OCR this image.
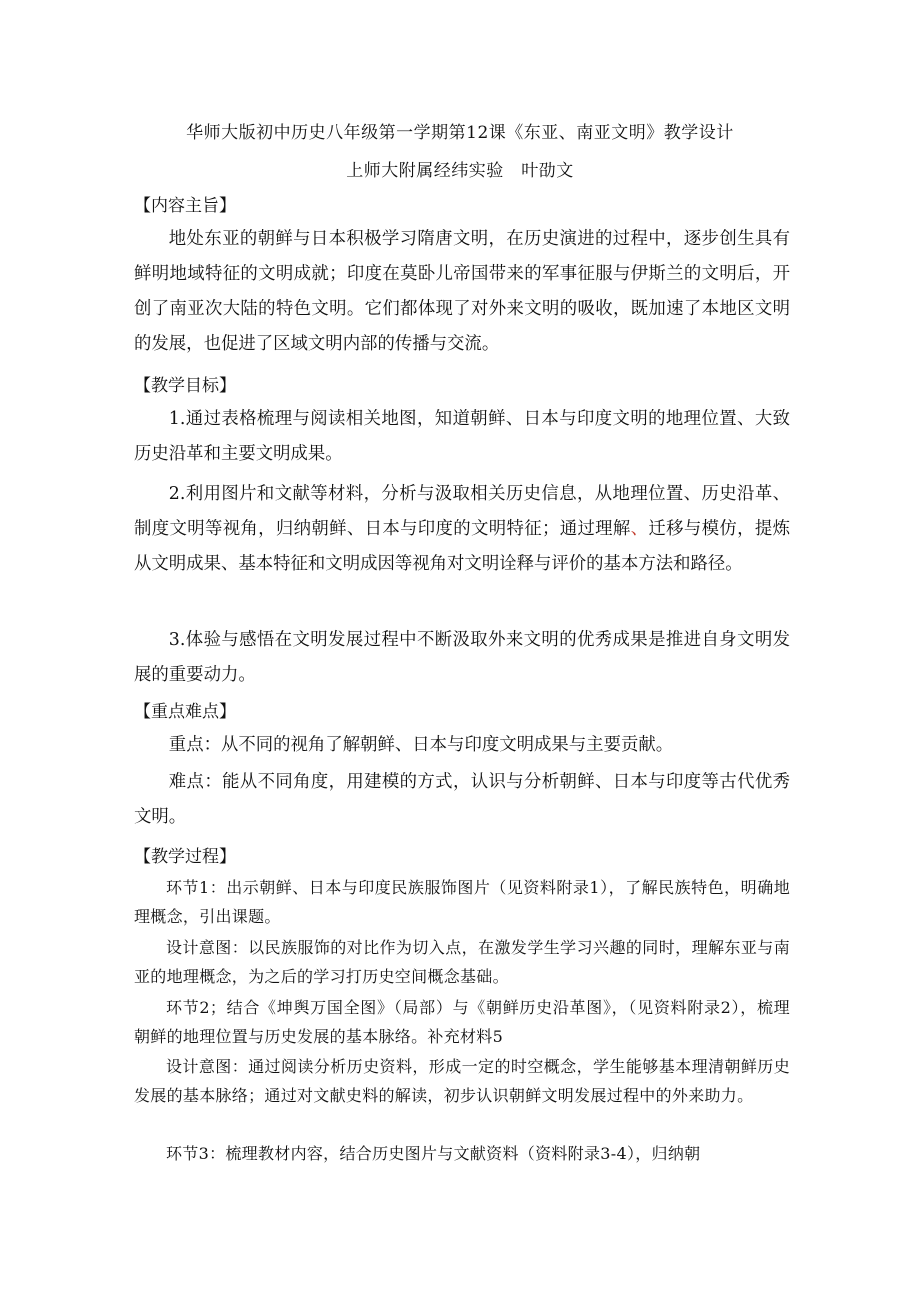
华师大版初中历史八年级第一学期第12课《东亚、南亚文明》教学设计
上师大附属经纬实验　叶劭文
【内容主旨】
地处东亚的朝鲜与日本积极学习隋唐文明，在历史演进的过程中，逐步创生具有鲜明地域特征的文明成就；印度在莫卧儿帝国带来的军事征服与伊斯兰的文明后，开创了南亚次大陆的特色文明。它们都体现了对外来文明的吸收，既加速了本地区文明的发展，也促进了区域文明内部的传播与交流。
【教学目标】
1.通过表格梳理与阅读相关地图，知道朝鲜、日本与印度文明的地理位置、大致历史沿革和主要文明成果。
2.利用图片和文献等材料，分析与汲取相关历史信息，从地理位置、历史沿革、制度文明等视角，归纳朝鲜、日本与印度的文明特征；通过理解、迁移与模仿，提炼从文明成果、基本特征和文明成因等视角对文明诠释与评价的基本方法和路径。
3.体验与感悟在文明发展过程中不断汲取外来文明的优秀成果是推进自身文明发展的重要动力。
【重点难点】
重点：从不同的视角了解朝鲜、日本与印度文明成果与主要贡献。
难点：能从不同角度，用建模的方式，认识与分析朝鲜、日本与印度等古代优秀文明。
【教学过程】
环节1：出示朝鲜、日本与印度民族服饰图片（见资料附录1），了解民族特色，明确地理概念，引出课题。
设计意图：以民族服饰的对比作为切入点，在激发学生学习兴趣的同时，理解东亚与南亚的地理概念，为之后的学习打历史空间概念基础。
环节2；结合《坤舆万国全图》（局部）与《朝鲜历史沿革图》，（见资料附录2），梳理朝鲜的地理位置与历史发展的基本脉络。补充材料5
设计意图：通过阅读分析历史资料，形成一定的时空概念，学生能够基本理清朝鲜历史发展的基本脉络；通过对文献史料的解读，初步认识朝鲜文明发展过程中的外来助力。
环节3：梳理教材内容，结合历史图片与文献资料（资料附录3-4），归纳朝
